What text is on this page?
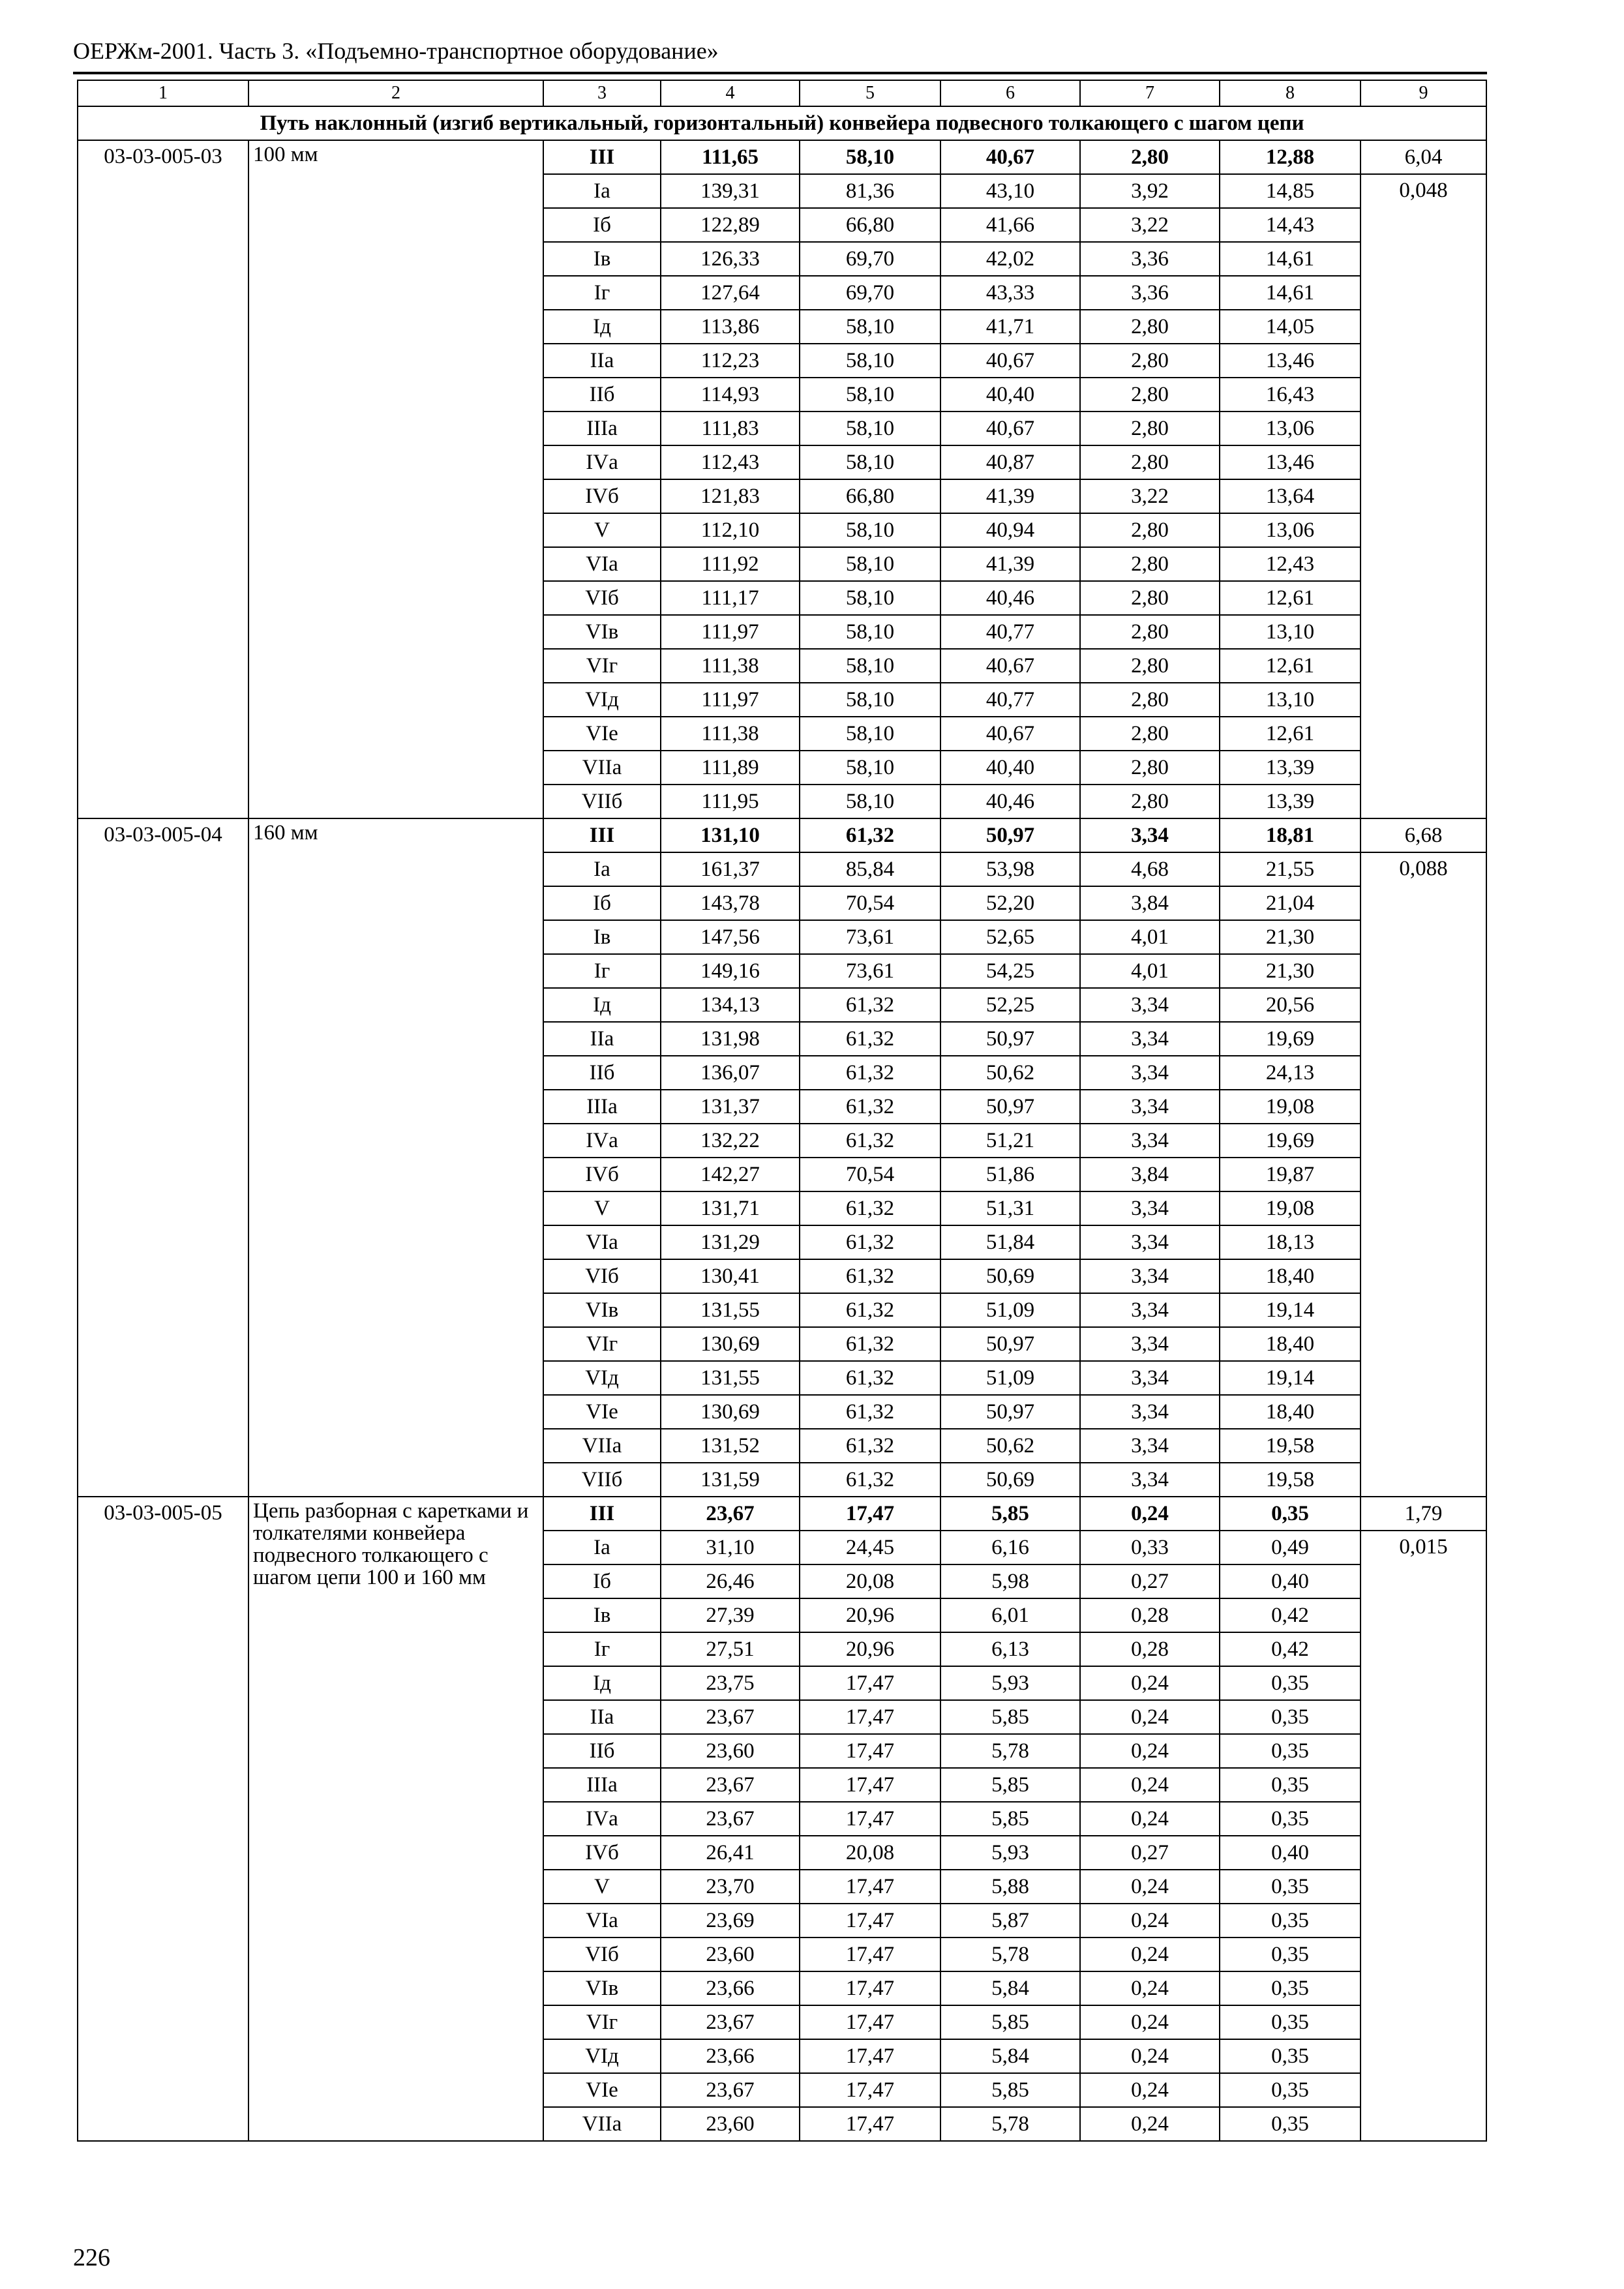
ОЕРЖм-2001. Часть 3. «Подъемно-транспортное оборудование»
1	2	3	4	5	6	7	8	9
Путь наклонный (изгиб вертикальный, горизонтальный) конвейера подвесного толкающего с шагом цепи								
03-03-005-03	100 мм	III	111,65	58,10	40,67	2,80	12,88	6,04
		Iа	139,31	81,36	43,10	3,92	14,85	0,048
		Iб	122,89	66,80	41,66	3,22	14,43	
		Iв	126,33	69,70	42,02	3,36	14,61	
		Iг	127,64	69,70	43,33	3,36	14,61	
		Iд	113,86	58,10	41,71	2,80	14,05	
		IIа	112,23	58,10	40,67	2,80	13,46	
		IIб	114,93	58,10	40,40	2,80	16,43	
		IIIа	111,83	58,10	40,67	2,80	13,06	
		IVа	112,43	58,10	40,87	2,80	13,46	
		IVб	121,83	66,80	41,39	3,22	13,64	
		V	112,10	58,10	40,94	2,80	13,06	
		VIа	111,92	58,10	41,39	2,80	12,43	
		VIб	111,17	58,10	40,46	2,80	12,61	
		VIв	111,97	58,10	40,77	2,80	13,10	
		VIг	111,38	58,10	40,67	2,80	12,61	
		VIд	111,97	58,10	40,77	2,80	13,10	
		VIе	111,38	58,10	40,67	2,80	12,61	
		VIIа	111,89	58,10	40,40	2,80	13,39	
		VIIб	111,95	58,10	40,46	2,80	13,39	
03-03-005-04	160 мм	III	131,10	61,32	50,97	3,34	18,81	6,68
		Iа	161,37	85,84	53,98	4,68	21,55	0,088
		Iб	143,78	70,54	52,20	3,84	21,04	
		Iв	147,56	73,61	52,65	4,01	21,30	
		Iг	149,16	73,61	54,25	4,01	21,30	
		Iд	134,13	61,32	52,25	3,34	20,56	
		IIа	131,98	61,32	50,97	3,34	19,69	
		IIб	136,07	61,32	50,62	3,34	24,13	
		IIIа	131,37	61,32	50,97	3,34	19,08	
		IVа	132,22	61,32	51,21	3,34	19,69	
		IVб	142,27	70,54	51,86	3,84	19,87	
		V	131,71	61,32	51,31	3,34	19,08	
		VIа	131,29	61,32	51,84	3,34	18,13	
		VIб	130,41	61,32	50,69	3,34	18,40	
		VIв	131,55	61,32	51,09	3,34	19,14	
		VIг	130,69	61,32	50,97	3,34	18,40	
		VIд	131,55	61,32	51,09	3,34	19,14	
		VIе	130,69	61,32	50,97	3,34	18,40	
		VIIа	131,52	61,32	50,62	3,34	19,58	
		VIIб	131,59	61,32	50,69	3,34	19,58	
03-03-005-05	Цепь разборная с каретками и толкателями конвейера подвесного толкающего с шагом цепи 100 и 160 мм	III	23,67	17,47	5,85	0,24	0,35	1,79
		Iа	31,10	24,45	6,16	0,33	0,49	0,015
		Iб	26,46	20,08	5,98	0,27	0,40	
		Iв	27,39	20,96	6,01	0,28	0,42	
		Iг	27,51	20,96	6,13	0,28	0,42	
		Iд	23,75	17,47	5,93	0,24	0,35	
		IIа	23,67	17,47	5,85	0,24	0,35	
		IIб	23,60	17,47	5,78	0,24	0,35	
		IIIа	23,67	17,47	5,85	0,24	0,35	
		IVа	23,67	17,47	5,85	0,24	0,35	
		IVб	26,41	20,08	5,93	0,27	0,40	
		V	23,70	17,47	5,88	0,24	0,35	
		VIа	23,69	17,47	5,87	0,24	0,35	
		VIб	23,60	17,47	5,78	0,24	0,35	
		VIв	23,66	17,47	5,84	0,24	0,35	
		VIг	23,67	17,47	5,85	0,24	0,35	
		VIд	23,66	17,47	5,84	0,24	0,35	
		VIе	23,67	17,47	5,85	0,24	0,35	
		VIIа	23,60	17,47	5,78	0,24	0,35	
226
